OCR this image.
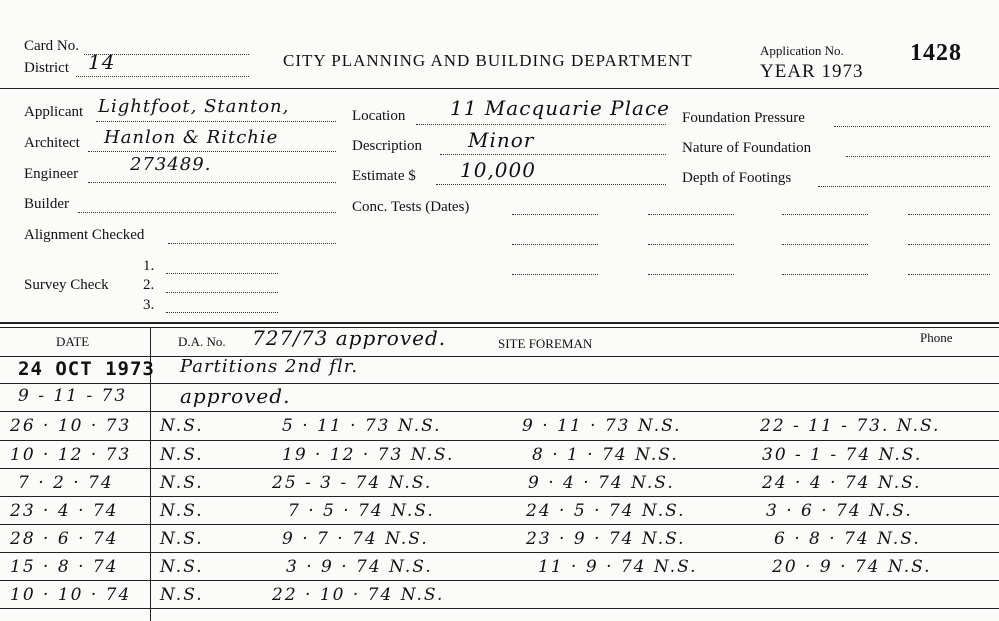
Card No.
District 14	CITY PLANNING AND BUILDING DEPARTMENT
Application No.
YEAR 1973
1428
Applicant Lightfoot, Stanton,
Architect Hanlon & Ritchie
Engineer	273489.
Builder
Alignment Checked
Survey Check
1.
2.
3.
Location 11 Macquarie Place
Description Minor
Estimate $ 10,000
Conc. Tests (Dates)
Foundation Pressure
Nature of Foundation
Depth of Footings
DATE	D.A. No. 727/73 approved.	SITE FOREMAN	Phone
24 OCT 1973 Partitions 2nd flr.
9 - 11 - 73	approved.
26 · 10 · 73 N.S.	5 · 11 · 73 N.S.	9 · 11 · 73 N.S.	22 - 11 - 73. N.S.
10 · 12 · 73 N.S.	19 · 12 · 73 N.S.	8 · 1 · 74 N.S.	30 - 1 - 74 N.S.
7 · 2 · 74	N.S.	25 - 3 - 74 N.S.	9 · 4 · 74 N.S.	24 · 4 · 74 N.S.
23 · 4 · 74 N.S.	7 · 5 · 74 N.S.	24 · 5 · 74 N.S.	3 · 6 · 74 N.S.
28 · 6 · 74 N.S.	9 · 7 · 74 N.S.	23 · 9 · 74 N.S.	6 · 8 · 74 N.S.
15 · 8 · 74 N.S.	3 · 9 · 74 N.S.	11 · 9 · 74 N.S.	20 · 9 · 74 N.S.
10 · 10 · 74 N.S.	22 · 10 · 74 N.S.
